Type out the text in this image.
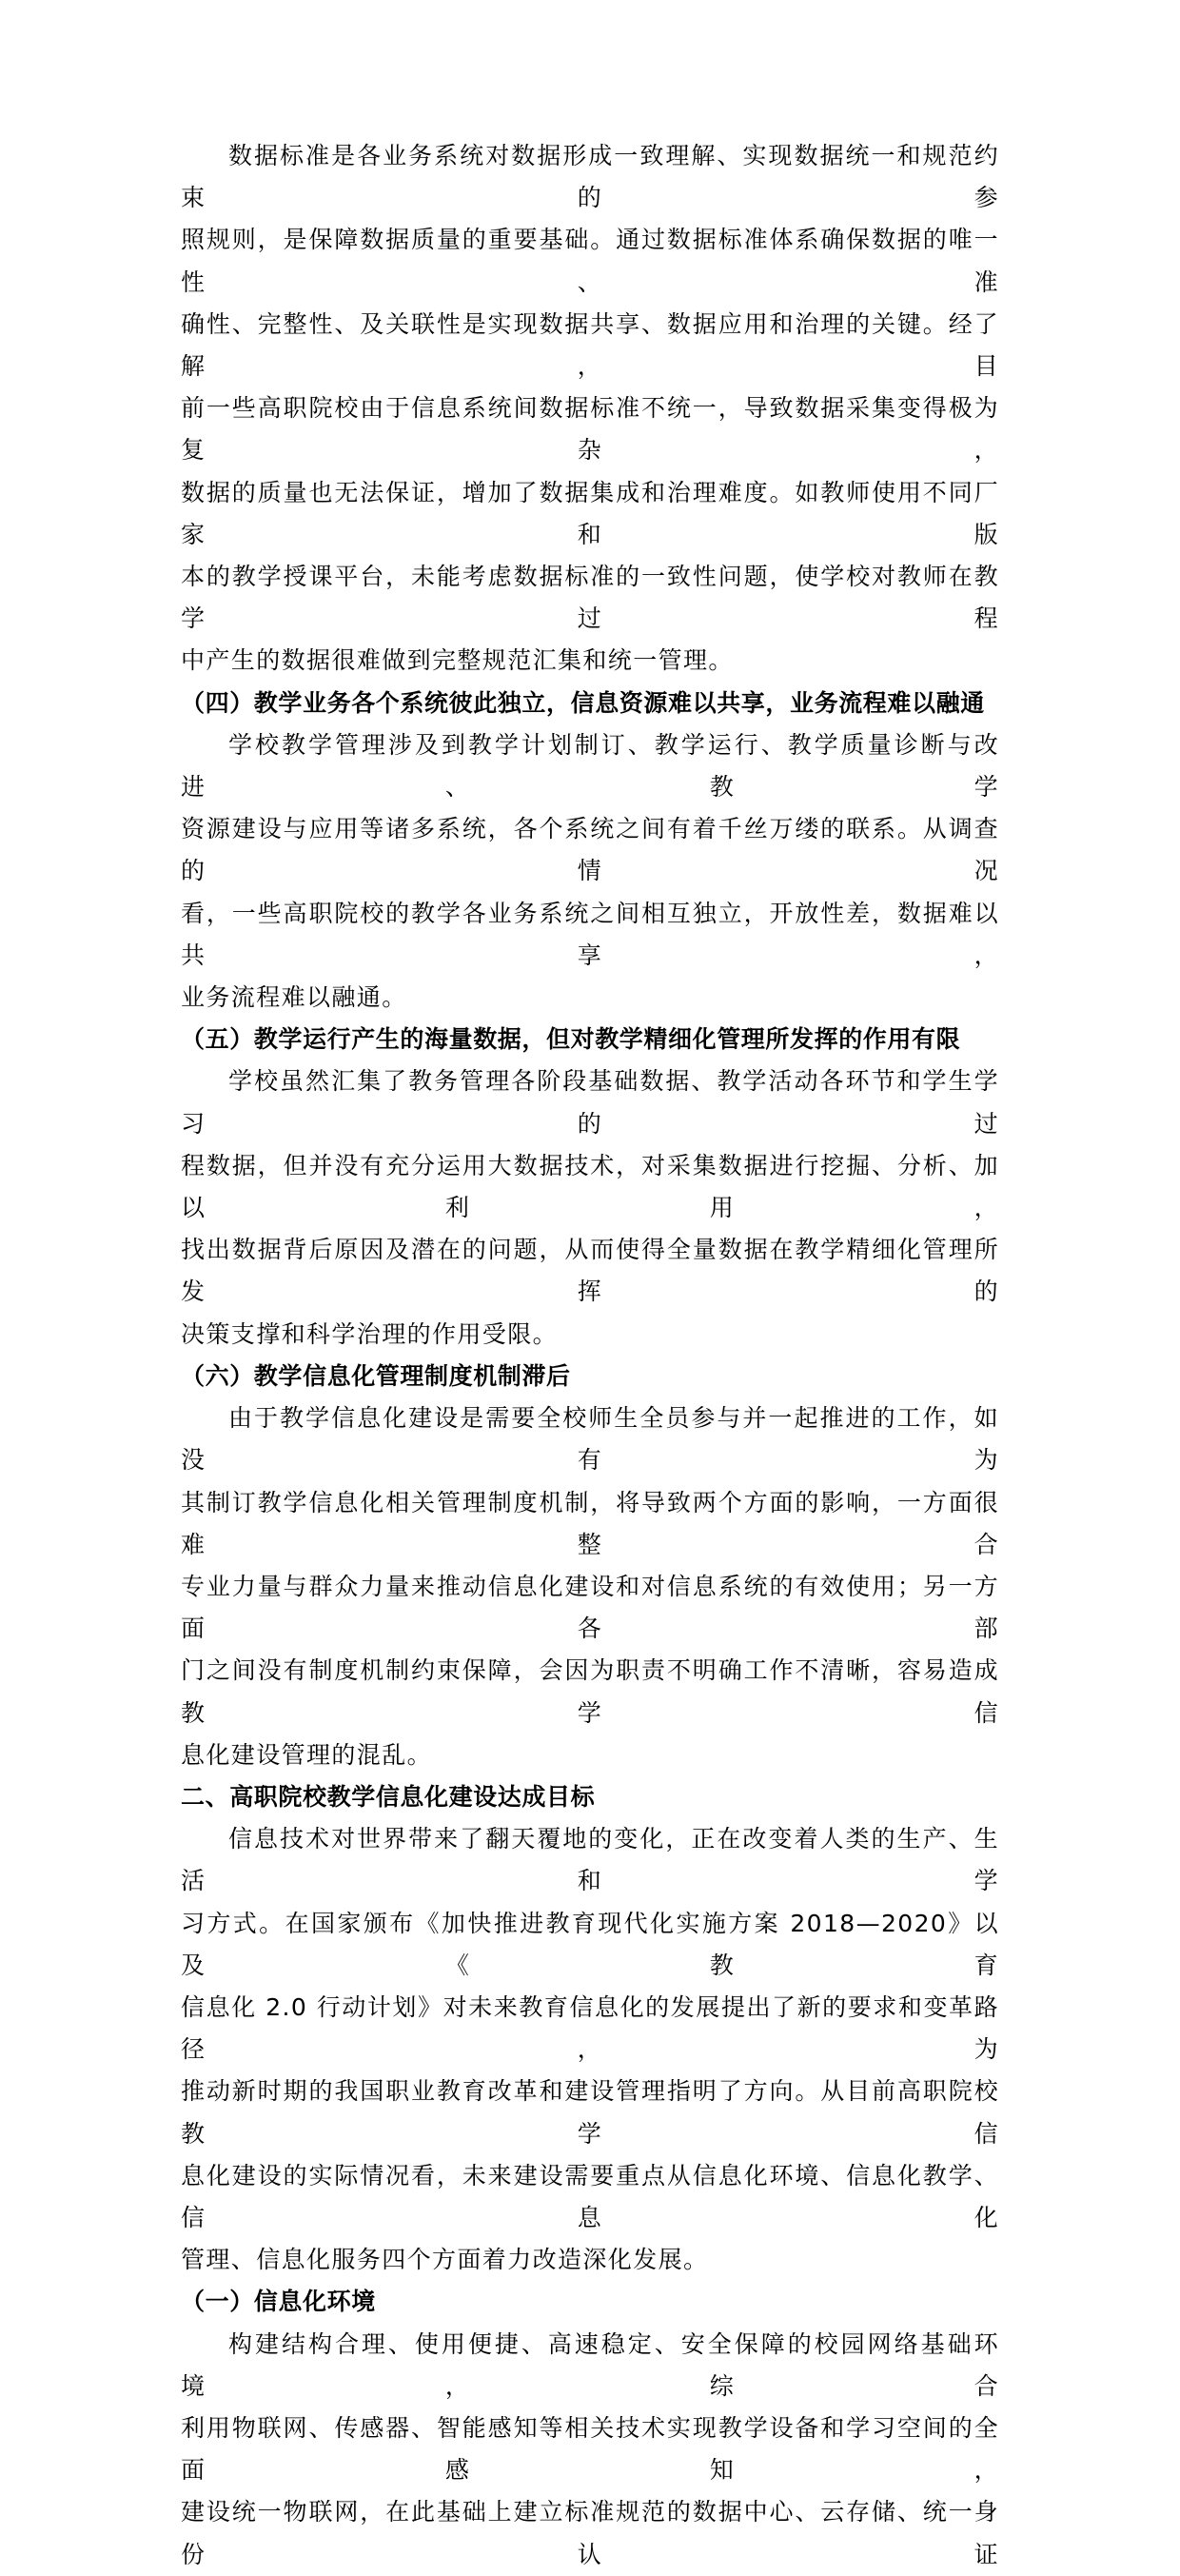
数据标准是各业务系统对数据形成一致理解、实现数据统一和规范约束的参
照规则，是保障数据质量的重要基础。通过数据标准体系确保数据的唯一性、准
确性、完整性、及关联性是实现数据共享、数据应用和治理的关键。经了解，目
前一些高职院校由于信息系统间数据标准不统一，导致数据采集变得极为复杂，
数据的质量也无法保证，增加了数据集成和治理难度。如教师使用不同厂家和版
本的教学授课平台，未能考虑数据标准的一致性问题，使学校对教师在教学过程
中产生的数据很难做到完整规范汇集和统一管理。
（四）教学业务各个系统彼此独立，信息资源难以共享，业务流程难以融通
学校教学管理涉及到教学计划制订、教学运行、教学质量诊断与改进、教学
资源建设与应用等诸多系统，各个系统之间有着千丝万缕的联系。从调查的情况
看，一些高职院校的教学各业务系统之间相互独立，开放性差，数据难以共享，
业务流程难以融通。
（五）教学运行产生的海量数据，但对教学精细化管理所发挥的作用有限
学校虽然汇集了教务管理各阶段基础数据、教学活动各环节和学生学习的过
程数据，但并没有充分运用大数据技术，对采集数据进行挖掘、分析、加以利用，
找出数据背后原因及潜在的问题，从而使得全量数据在教学精细化管理所发挥的
决策支撑和科学治理的作用受限。
（六）教学信息化管理制度机制滞后
由于教学信息化建设是需要全校师生全员参与并一起推进的工作，如没有为
其制订教学信息化相关管理制度机制，将导致两个方面的影响，一方面很难整合
专业力量与群众力量来推动信息化建设和对信息系统的有效使用；另一方面各部
门之间没有制度机制约束保障，会因为职责不明确工作不清晰，容易造成教学信
息化建设管理的混乱。
二、高职院校教学信息化建设达成目标
信息技术对世界带来了翻天覆地的变化，正在改变着人类的生产、生活和学
习方式。在国家颁布《加快推进教育现代化实施方案 2018—2020》以及《教育
信息化 2.0 行动计划》对未来教育信息化的发展提出了新的要求和变革路径，为
推动新时期的我国职业教育改革和建设管理指明了方向。从目前高职院校教学信
息化建设的实际情况看，未来建设需要重点从信息化环境、信息化教学、信息化
管理、信息化服务四个方面着力改造深化发展。
（一）信息化环境
构建结构合理、使用便捷、高速稳定、安全保障的校园网络基础环境，综合
利用物联网、传感器、智能感知等相关技术实现教学设备和学习空间的全面感知，
建设统一物联网，在此基础上建立标准规范的数据中心、云存储、统一身份认证
